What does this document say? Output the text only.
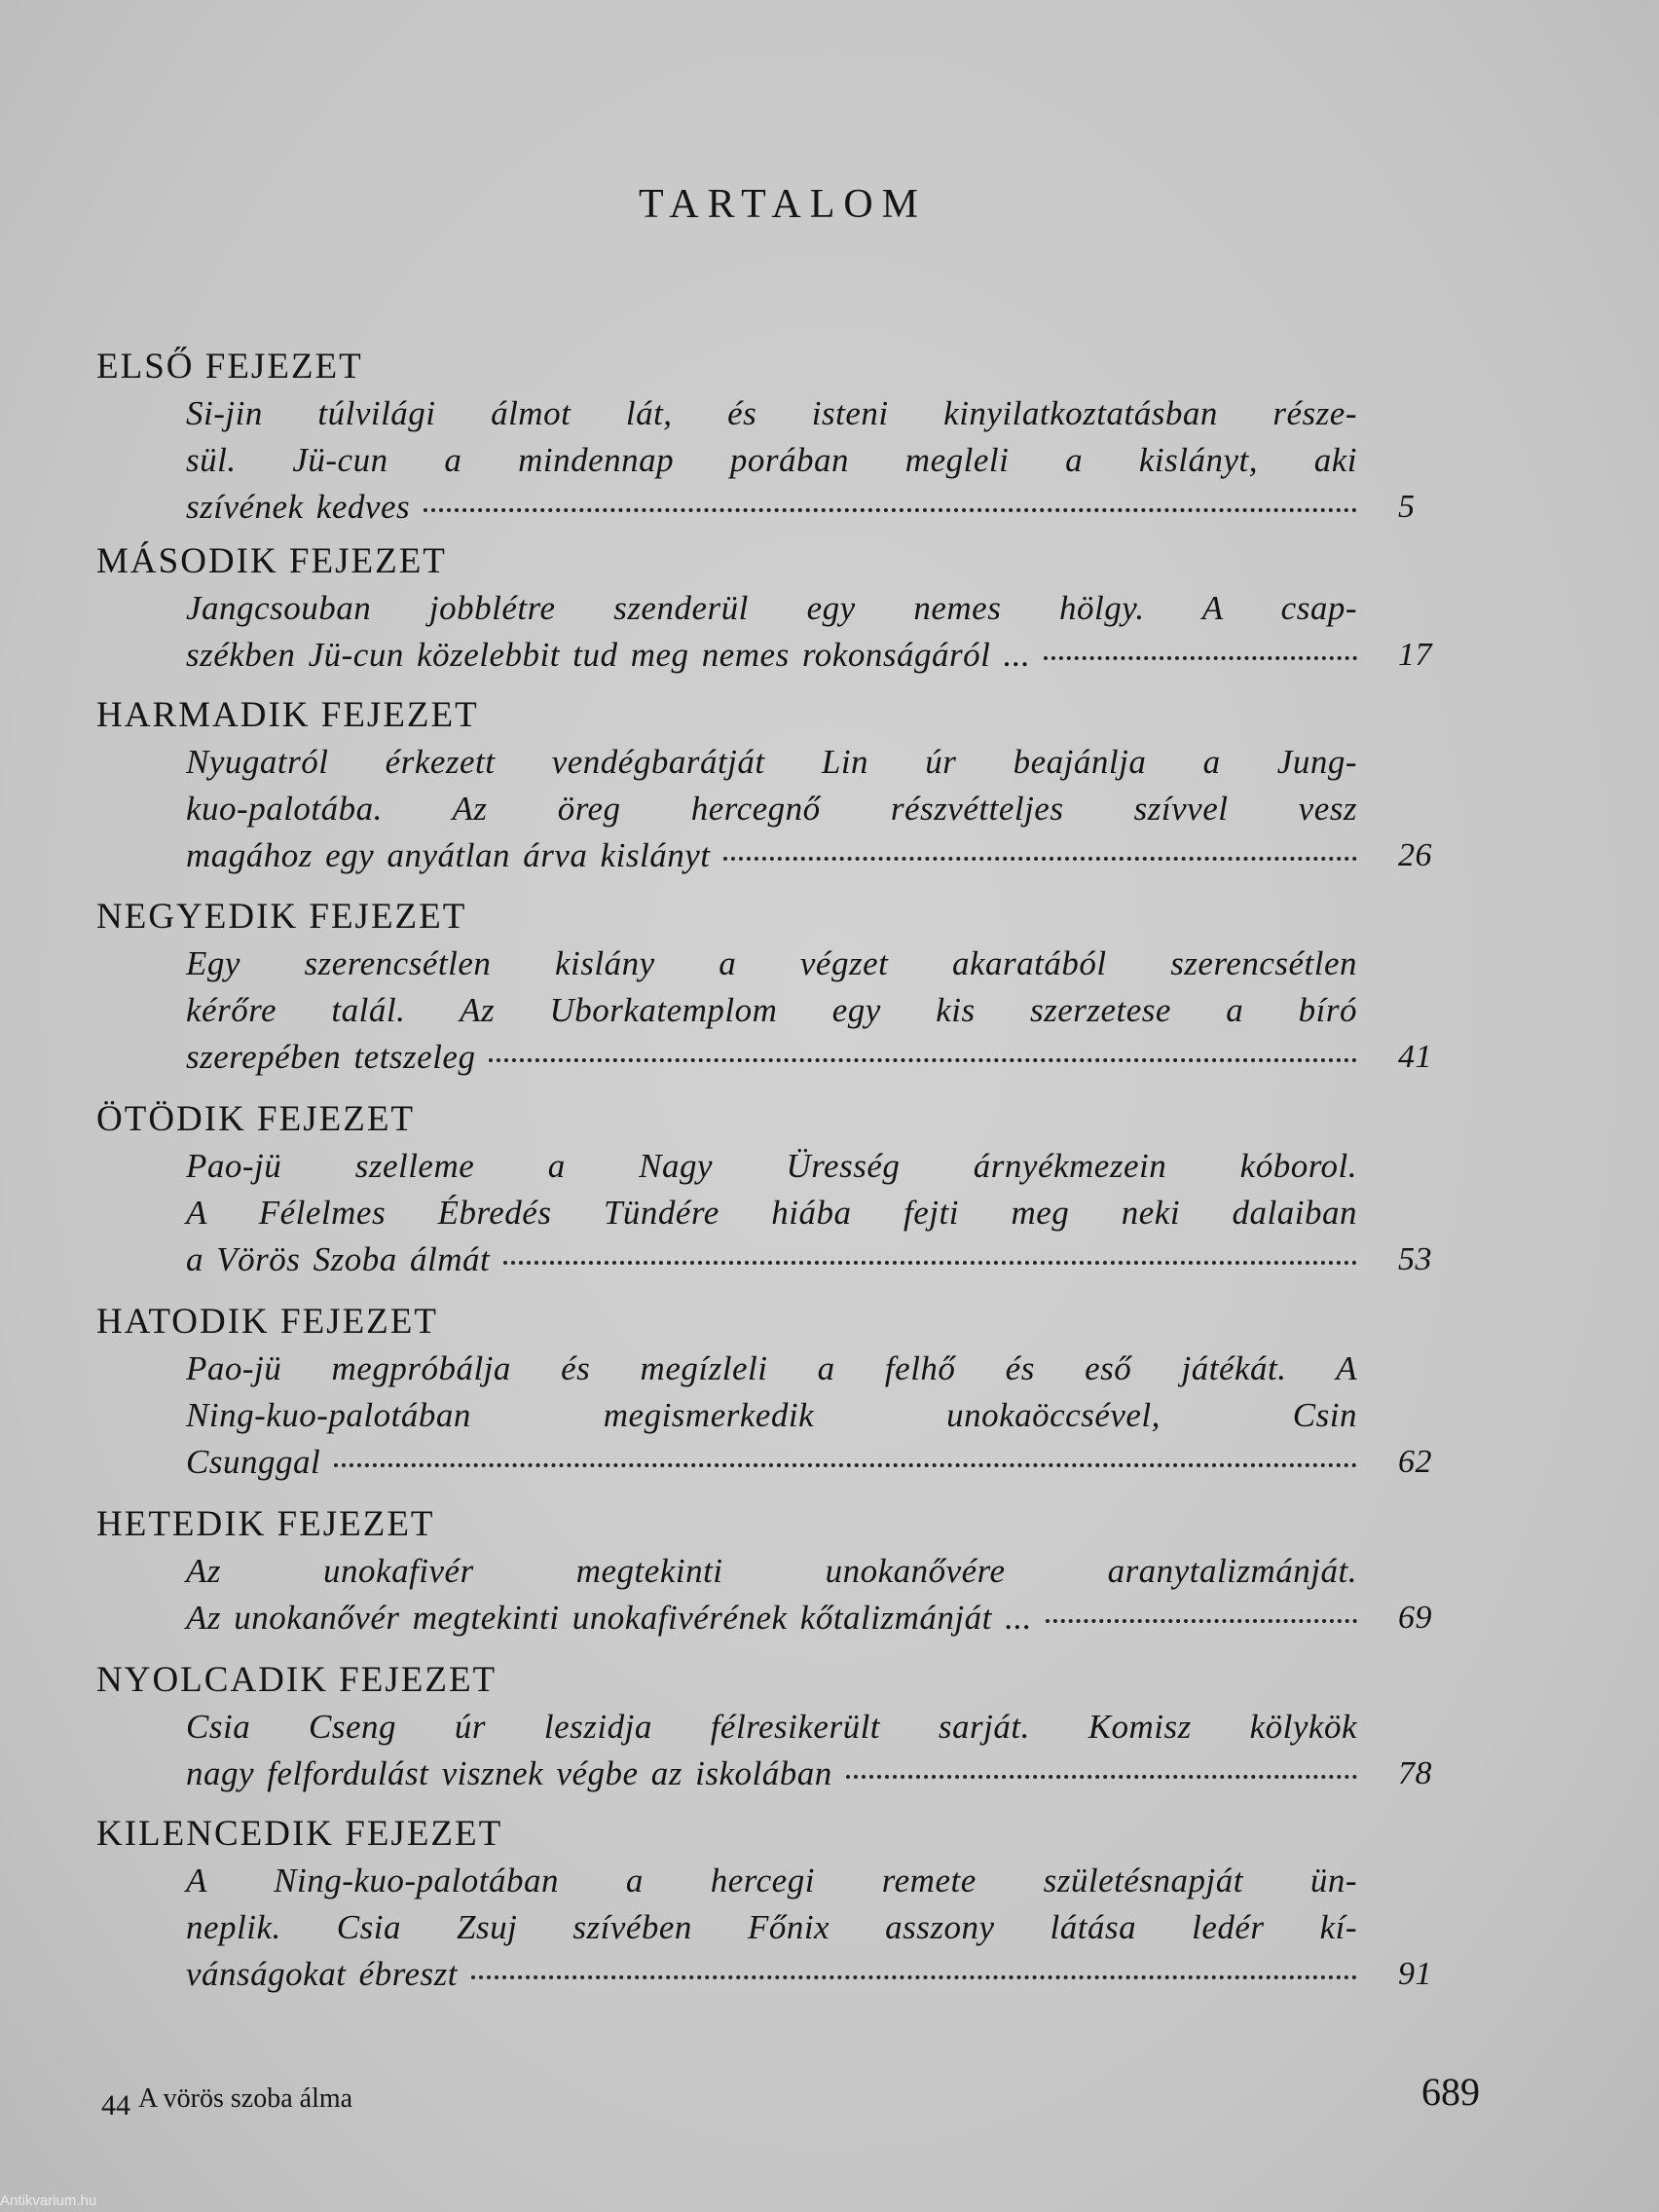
TARTALOM
ELSŐ FEJEZET
Si-jin túlvilági álmot lát, és isteni kinyilatkoztatásban része-
sül. Jü-cun a mindennap porában megleli a kislányt, aki
szívének kedves	5
MÁSODIK FEJEZET
Jangcsouban jobblétre szenderül egy nemes hölgy. A csap-
székben Jü-cun közelebbit tud meg nemes rokonságáról ...	17
HARMADIK FEJEZET
Nyugatról érkezett vendégbarátját Lin úr beajánlja a Jung-
kuo-palotába. Az öreg hercegnő részvétteljes szívvel vesz
magához egy anyátlan árva kislányt	26
NEGYEDIK FEJEZET
Egy szerencsétlen kislány a végzet akaratából szerencsétlen
kérőre talál. Az Uborkatemplom egy kis szerzetese a bíró
szerepében tetszeleg	41
ÖTÖDIK FEJEZET
Pao-jü szelleme a Nagy Üresség árnyékmezein kóborol.
A Félelmes Ébredés Tündére hiába fejti meg neki dalaiban
a Vörös Szoba álmát	53
HATODIK FEJEZET
Pao-jü megpróbálja és megízleli a felhő és eső játékát. A
Ning-kuo-palotában megismerkedik unokaöccsével, Csin
Csunggal	62
HETEDIK FEJEZET
Az unokafivér megtekinti unokanővére aranytalizmánját.
Az unokanővér megtekinti unokafivérének kőtalizmánját ...	69
NYOLCADIK FEJEZET
Csia Cseng úr leszidja félresikerült sarját. Komisz kölykök
nagy felfordulást visznek végbe az iskolában	78
KILENCEDIK FEJEZET
A Ning-kuo-palotában a hercegi remete születésnapját ün-
neplik. Csia Zsuj szívében Főnix asszony látása ledér kí-
vánságokat ébreszt	91
44 A vörös szoba álma	689
Antikvarium.hu
